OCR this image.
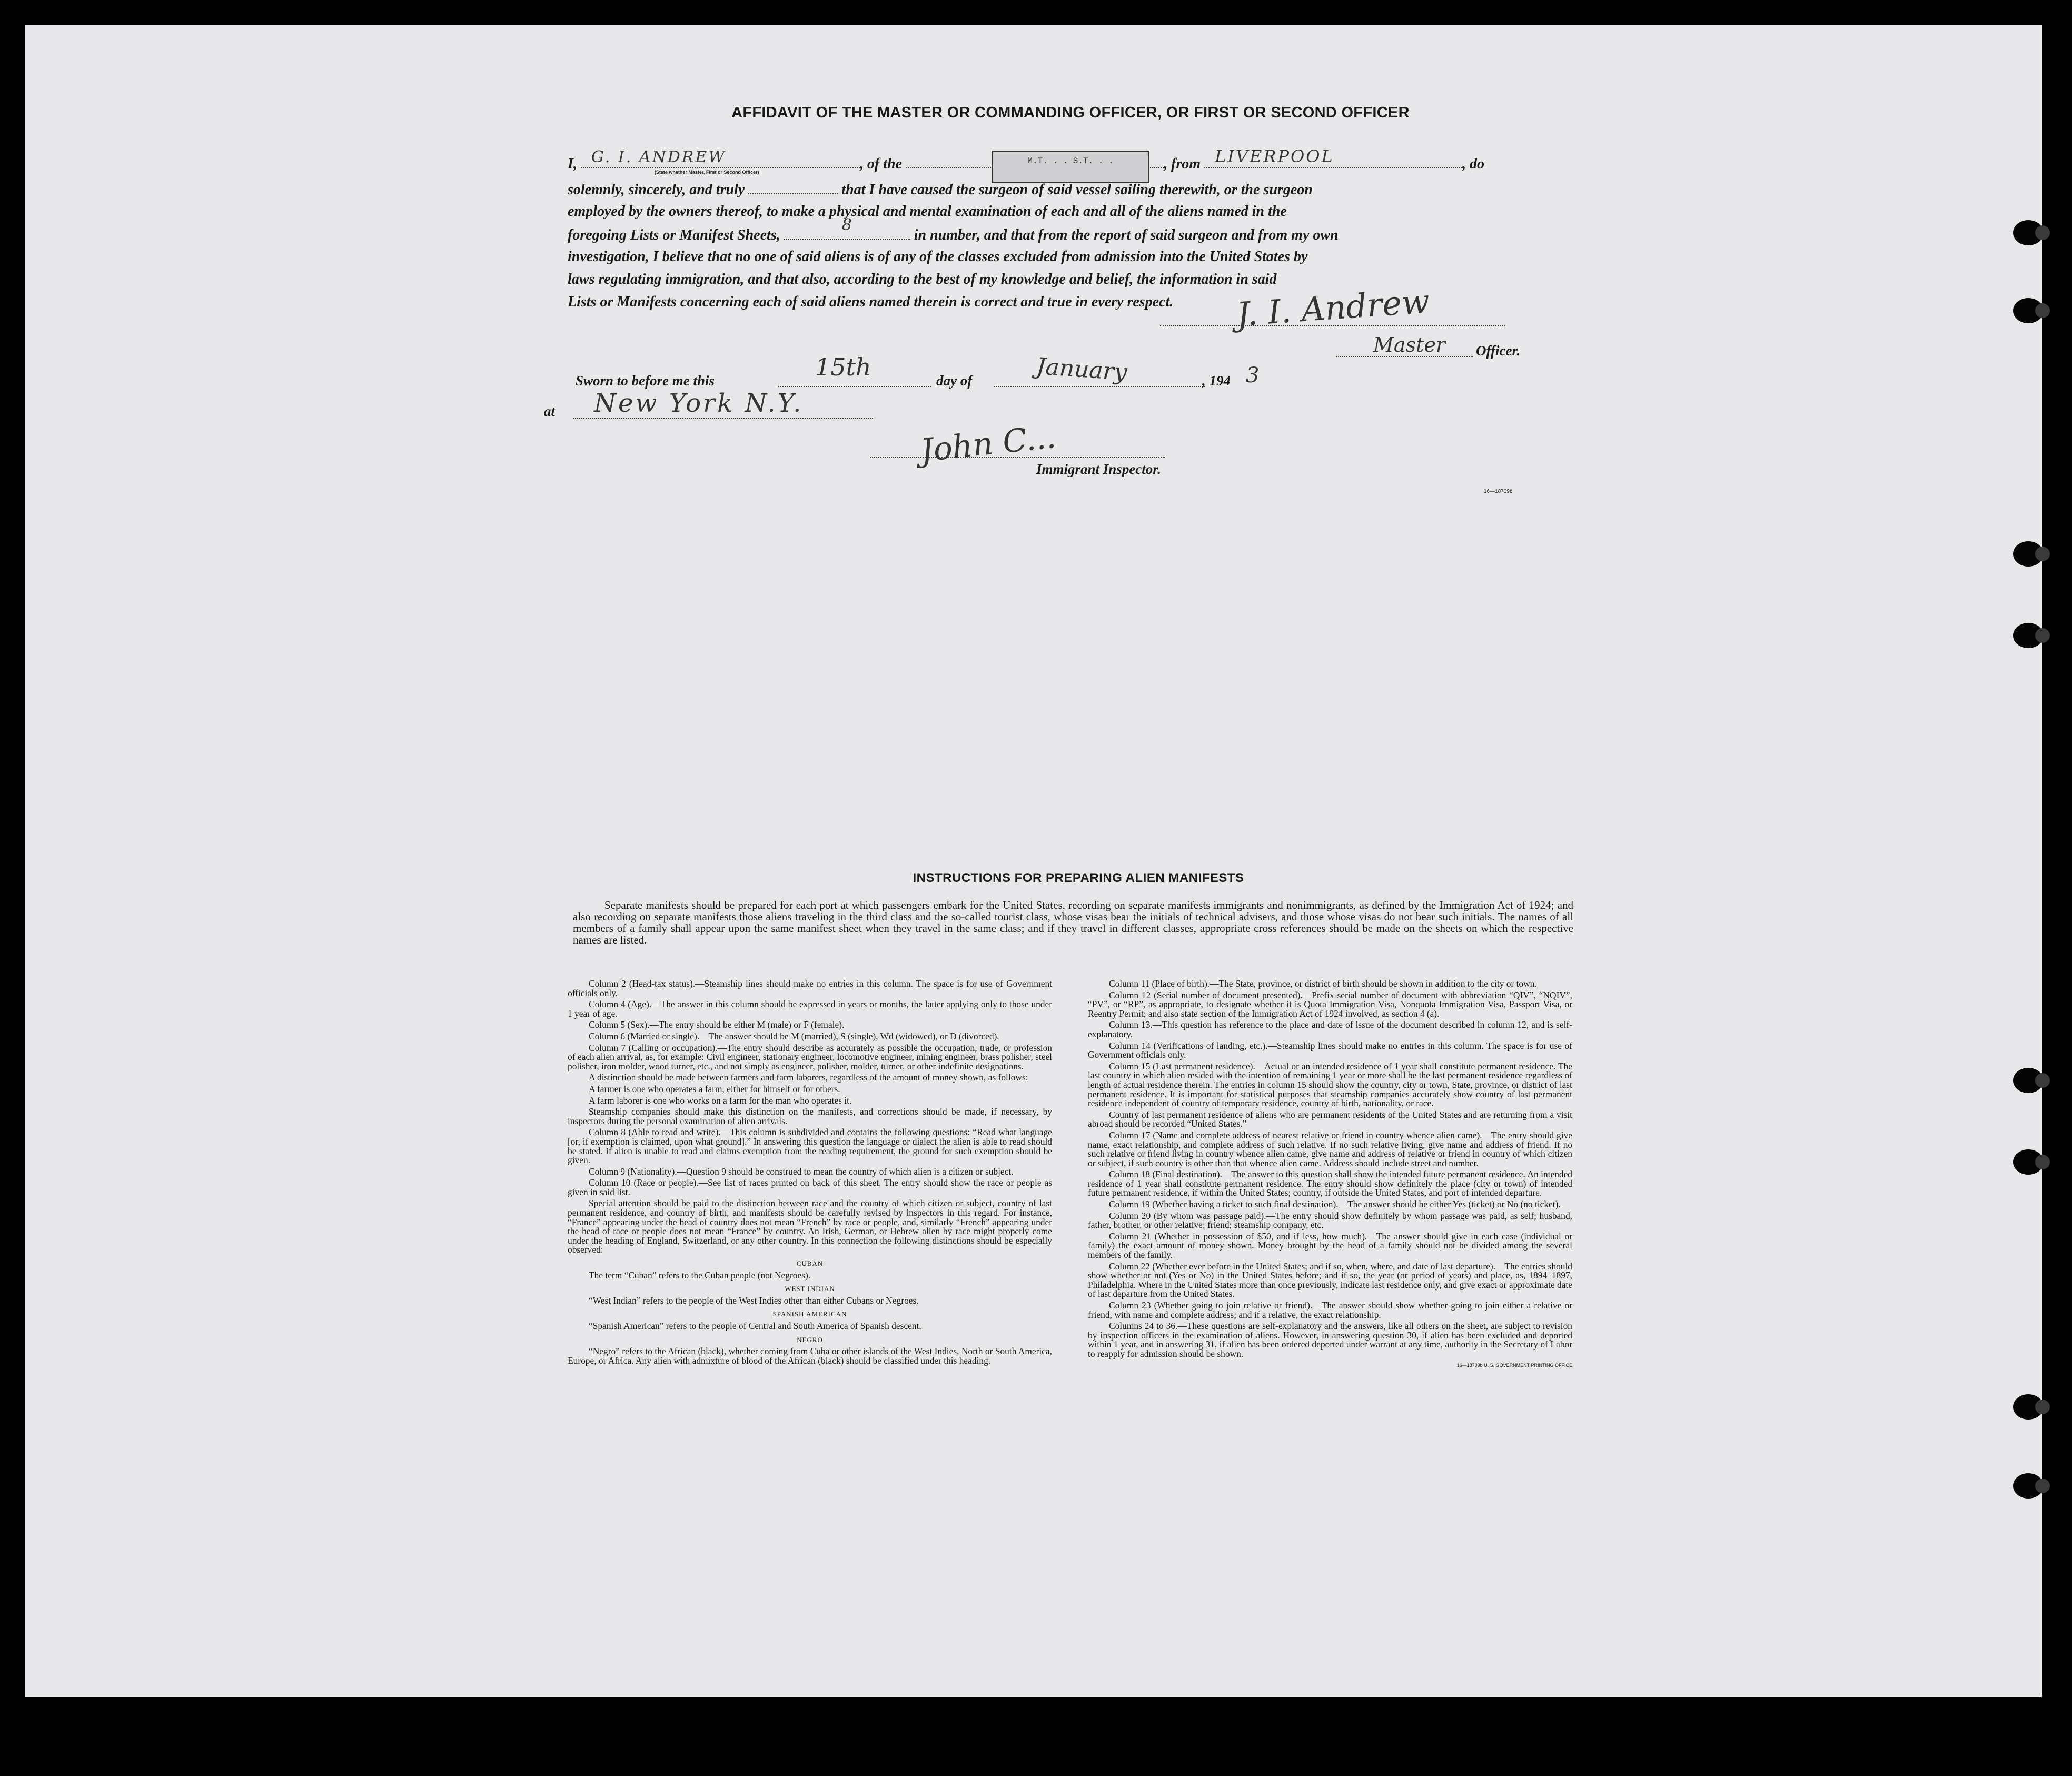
AFFIDAVIT OF THE MASTER OR COMMANDING OFFICER, OR FIRST OR SECOND OFFICER
I, G. I. ANDREW
(State whether Master, First or Second Officer)	, of the	, from LIVERPOOL	, do
M.T. . . S.T. . .
solemnly, sincerely, and truly	that I have caused the surgeon of said vessel sailing therewith, or the surgeon
employed by the owners thereof, to make a physical and mental examination of each and all of the aliens named in the
foregoing Lists or Manifest Sheets,
8
in number, and that from the report of said surgeon and from my own
investigation, I believe that no one of said aliens is of any of the classes excluded from admission into the United States by
laws regulating immigration, and that also, according to the best of my knowledge and belief, the information in said
Lists or Manifests concerning each of said aliens named therein is correct and true in every respect. J. I. Andrew
Master Officer.
Sworn to before me this	15th	day of	January	, 194 3
at New York N.Y.
John C...
Immigrant Inspector.
16—18709b
INSTRUCTIONS FOR PREPARING ALIEN MANIFESTS
Separate manifests should be prepared for each port at which passengers embark for the United States, recording on separate manifests immigrants and nonimmigrants, as defined by the Immigration Act of 1924; and also recording on separate manifests those aliens traveling in the third class and the so-called tourist class, whose visas bear the initials of technical advisers, and those whose visas do not bear such initials. The names of all members of a family shall appear upon the same manifest sheet when they travel in the same class; and if they travel in different classes, appropriate cross references should be made on the sheets on which the respective names are listed.

Column 2 (Head-tax status).—Steamship lines should make no entries in this column. The space is for use of Government officials only.

Column 4 (Age).—The answer in this column should be expressed in years or months, the latter applying only to those under 1 year of age.

Column 5 (Sex).—The entry should be either M (male) or F (female).

Column 6 (Married or single).—The answer should be M (married), S (single), Wd (widowed), or D (divorced).

Column 7 (Calling or occupation).—The entry should describe as accurately as possible the occupation, trade, or profession of each alien arrival, as, for example: Civil engineer, stationary engineer, locomotive engineer, mining engineer, brass polisher, steel polisher, iron molder, wood turner, etc., and not simply as engineer, polisher, molder, turner, or other indefinite designations.

A distinction should be made between farmers and farm laborers, regardless of the amount of money shown, as follows:

A farmer is one who operates a farm, either for himself or for others.

A farm laborer is one who works on a farm for the man who operates it.

Steamship companies should make this distinction on the manifests, and corrections should be made, if necessary, by inspectors during the personal examination of alien arrivals.

Column 8 (Able to read and write).—This column is subdivided and contains the following questions: “Read what language [or, if exemption is claimed, upon what ground].” In answering this question the language or dialect the alien is able to read should be stated. If alien is unable to read and claims exemption from the reading requirement, the ground for such exemption should be given.

Column 9 (Nationality).—Question 9 should be construed to mean the country of which alien is a citizen or subject.

Column 10 (Race or people).—See list of races printed on back of this sheet. The entry should show the race or people as given in said list.

Special attention should be paid to the distinction between race and the country of which citizen or subject, country of last permanent residence, and country of birth, and manifests should be carefully revised by inspectors in this regard. For instance, “France” appearing under the head of country does not mean “French” by race or people, and, similarly “French” appearing under the head of race or people does not mean “France” by country. An Irish, German, or Hebrew alien by race might properly come under the heading of England, Switzerland, or any other country. In this connection the following distinctions should be especially observed:

CUBAN

The term “Cuban” refers to the Cuban people (not Negroes).

WEST INDIAN

“West Indian” refers to the people of the West Indies other than either Cubans or Negroes.

SPANISH AMERICAN

“Spanish American” refers to the people of Central and South America of Spanish descent.

NEGRO

“Negro” refers to the African (black), whether coming from Cuba or other islands of the West Indies, North or South America, Europe, or Africa. Any alien with admixture of blood of the African (black) should be classified under this heading.

Column 11 (Place of birth).—The State, province, or district of birth should be shown in addition to the city or town.

Column 12 (Serial number of document presented).—Prefix serial number of document with abbreviation “QIV”, “NQIV”, “PV”, or “RP”, as appropriate, to designate whether it is Quota Immigration Visa, Nonquota Immigration Visa, Passport Visa, or Reentry Permit; and also state section of the Immigration Act of 1924 involved, as section 4 (a).

Column 13.—This question has reference to the place and date of issue of the document described in column 12, and is self-explanatory.

Column 14 (Verifications of landing, etc.).—Steamship lines should make no entries in this column. The space is for use of Government officials only.

Column 15 (Last permanent residence).—Actual or an intended residence of 1 year shall constitute permanent residence. The last country in which alien resided with the intention of remaining 1 year or more shall be the last permanent residence regardless of length of actual residence therein. The entries in column 15 should show the country, city or town, State, province, or district of last permanent residence. It is important for statistical purposes that steamship companies accurately show country of last permanent residence independent of country of temporary residence, country of birth, nationality, or race.

Country of last permanent residence of aliens who are permanent residents of the United States and are returning from a visit abroad should be recorded “United States.”

Column 17 (Name and complete address of nearest relative or friend in country whence alien came).—The entry should give name, exact relationship, and complete address of such relative. If no such relative living, give name and address of friend. If no such relative or friend living in country whence alien came, give name and address of relative or friend in country of which citizen or subject, if such country is other than that whence alien came. Address should include street and number.

Column 18 (Final destination).—The answer to this question shall show the intended future permanent residence. An intended residence of 1 year shall constitute permanent residence. The entry should show definitely the place (city or town) of intended future permanent residence, if within the United States; country, if outside the United States, and port of intended departure.

Column 19 (Whether having a ticket to such final destination).—The answer should be either Yes (ticket) or No (no ticket).

Column 20 (By whom was passage paid).—The entry should show definitely by whom passage was paid, as self; husband, father, brother, or other relative; friend; steamship company, etc.

Column 21 (Whether in possession of $50, and if less, how much).—The answer should give in each case (individual or family) the exact amount of money shown. Money brought by the head of a family should not be divided among the several members of the family.

Column 22 (Whether ever before in the United States; and if so, when, where, and date of last departure).—The entries should show whether or not (Yes or No) in the United States before; and if so, the year (or period of years) and place, as, 1894–1897, Philadelphia. Where in the United States more than once previously, indicate last residence only, and give exact or approximate date of last departure from the United States.

Column 23 (Whether going to join relative or friend).—The answer should show whether going to join either a relative or friend, with name and complete address; and if a relative, the exact relationship.

Columns 24 to 36.—These questions are self-explanatory and the answers, like all others on the sheet, are subject to revision by inspection officers in the examination of aliens. However, in answering question 30, if alien has been excluded and deported within 1 year, and in answering 31, if alien has been ordered deported under warrant at any time, authority in the Secretary of Labor to reapply for admission should be shown.

16—18709b U. S. GOVERNMENT PRINTING OFFICE
